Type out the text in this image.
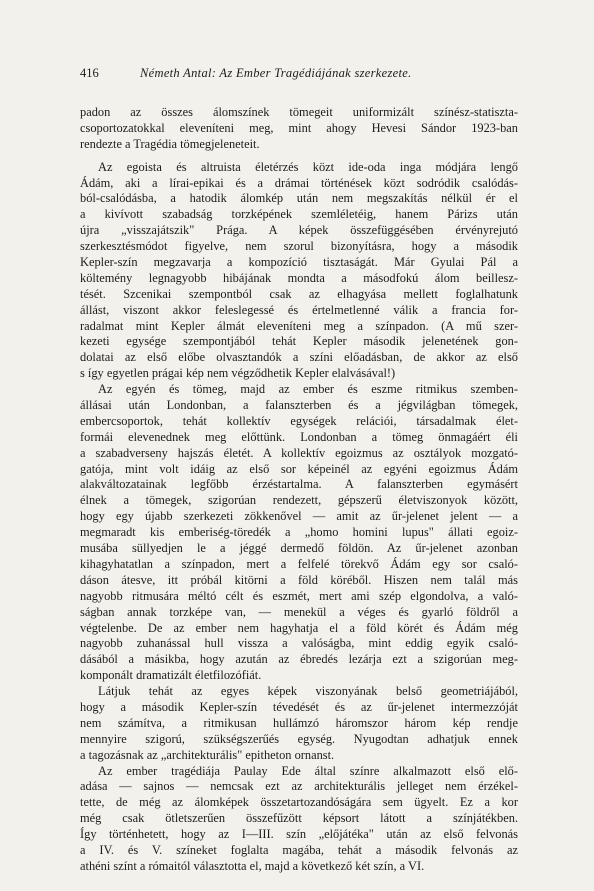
416	Németh Antal: Az Ember Tragédiájának szerkezete.
padon az összes álomszínek tömegeit uniformizált színész-statiszta-
csoportozatokkal eleveníteni meg, mint ahogy Hevesi Sándor 1923-ban
rendezte a Tragédia tömegjeleneteit.
Az egoista és altruista életérzés közt ide-oda inga módjára lengő
Ádám, aki a lírai-epikai és a drámai történések közt sodródik csalódás-
ból-csalódásba, a hatodik álomkép után nem megszakítás nélkül ér el
a kivívott szabadság torzképének szemléletéig, hanem Párizs után
újra „visszajátszik" Prága. A képek összefüggésében érvényrejutó
szerkesztésmódot figyelve, nem szorul bizonyításra, hogy a második
Kepler-szín megzavarja a kompozíció tisztaságát. Már Gyulai Pál a
költemény legnagyobb hibájának mondta a másodfokú álom beillesz-
tését. Szcenikai szempontból csak az elhagyása mellett foglalhatunk
állást, viszont akkor feleslegessé és értelmetlenné válik a francia for-
radalmat mint Kepler álmát eleveníteni meg a színpadon. (A mű szer-
kezeti egysége szempontjából tehát Kepler második jelenetének gon-
dolatai az első előbe olvasztandók a színi előadásban, de akkor az első
s így egyetlen prágai kép nem végződhetik Kepler elalvásával!)
Az egyén és tömeg, majd az ember és eszme ritmikus szemben-
állásai után Londonban, a falanszterben és a jégvilágban tömegek,
embercsoportok, tehát kollektív egységek relációi, társadalmak élet-
formái elevenednek meg előttünk. Londonban a tömeg önmagáért éli
a szabadverseny hajszás életét. A kollektív egoizmus az osztályok mozgató-
gatója, mint volt idáig az első sor képeinél az egyéni egoizmus Ádám
alakváltozatainak legfőbb érzéstartalma. A falanszterben egymásért
élnek a tömegek, szigorúan rendezett, gépszerű életviszonyok között,
hogy egy újabb szerkezeti zökkenővel — amit az űr-jelenet jelent — a
megmaradt kis emberiség-töredék a „homo homini lupus" állati egoiz-
musába süllyedjen le a jéggé dermedő földön. Az űr-jelenet azonban
kihagyhatatlan a színpadon, mert a felfelé törekvő Ádám egy sor csaló-
dáson átesve, itt próbál kitörni a föld köréből. Hiszen nem talál más
nagyobb ritmusára méltó célt és eszmét, mert ami szép elgondolva, a való-
ságban annak torzképe van, — menekül a véges és gyarló földről a
végtelenbe. De az ember nem hagyhatja el a föld körét és Ádám még
nagyobb zuhanással hull vissza a valóságba, mint eddig egyik csaló-
dásából a másikba, hogy azután az ébredés lezárja ezt a szigorúan meg-
komponált dramatizált életfilozófiát.
Látjuk tehát az egyes képek viszonyának belső geometriájából,
hogy a második Kepler-szín tévedését és az űr-jelenet intermezzóját
nem számítva, a ritmikusan hullámzó háromszor három kép rendje
mennyire szigorú, szükségszerűés egység. Nyugodtan adhatjuk ennek
a tagozásnak az „architekturális" epitheton ornanst.
Az ember tragédiája Paulay Ede által színre alkalmazott első elő-
adása — sajnos — nemcsak ezt az architekturális jelleget nem érzékel-
tette, de még az álomképek összetartozandóságára sem ügyelt. Ez a kor
még csak ötletszerűen összefűzött képsort látott a színjátékben.
Így történhetett, hogy az I—III. szín „előjátéka" után az első felvonás
a IV. és V. színeket foglalta magába, tehát a második felvonás az
athéni színt a rómaitól választotta el, majd a következő két szín, a VI.
